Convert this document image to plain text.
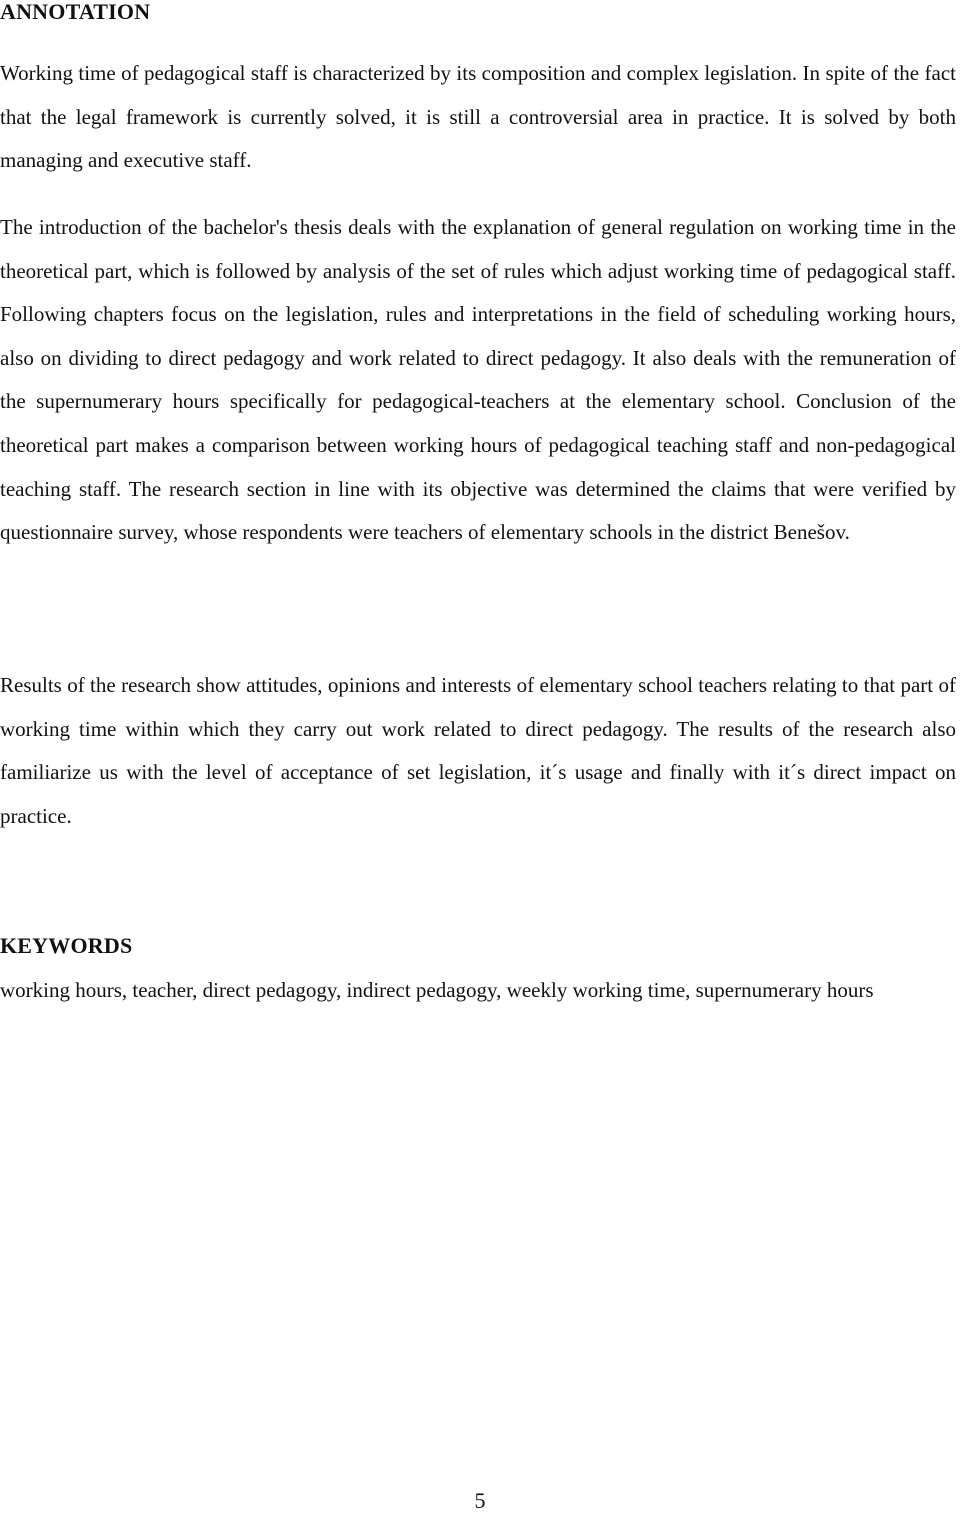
ANNOTATION

Working time of pedagogical staff is characterized by its composition and complex legislation. In spite of the fact that the legal framework is currently solved, it is still a controversial area in practice. It is solved by both managing and executive staff.

The introduction of the bachelor's thesis deals with the explanation of general regulation on working time in the theoretical part, which is followed by analysis of the set of rules which adjust working time of pedagogical staff. Following chapters focus on the legislation, rules and interpretations in the field of scheduling working hours, also on dividing to direct pedagogy and work related to direct pedagogy. It also deals with the remuneration of the supernumerary hours specifically for pedagogical-teachers at the elementary school. Conclusion of the theoretical part makes a comparison between working hours of pedagogical teaching staff and non-pedagogical teaching staff. The research section in line with its objective was determined the claims that were verified by questionnaire survey, whose respondents were teachers of elementary schools in the district Benešov.

Results of the research show attitudes, opinions and interests of elementary school teachers relating to that part of working time within which they carry out work related to direct pedagogy. The results of the research also familiarize us with the level of acceptance of set legislation, it´s usage and finally with it´s direct impact on practice.

KEYWORDS

working hours, teacher, direct pedagogy, indirect pedagogy, weekly working time, supernumerary hours

5
